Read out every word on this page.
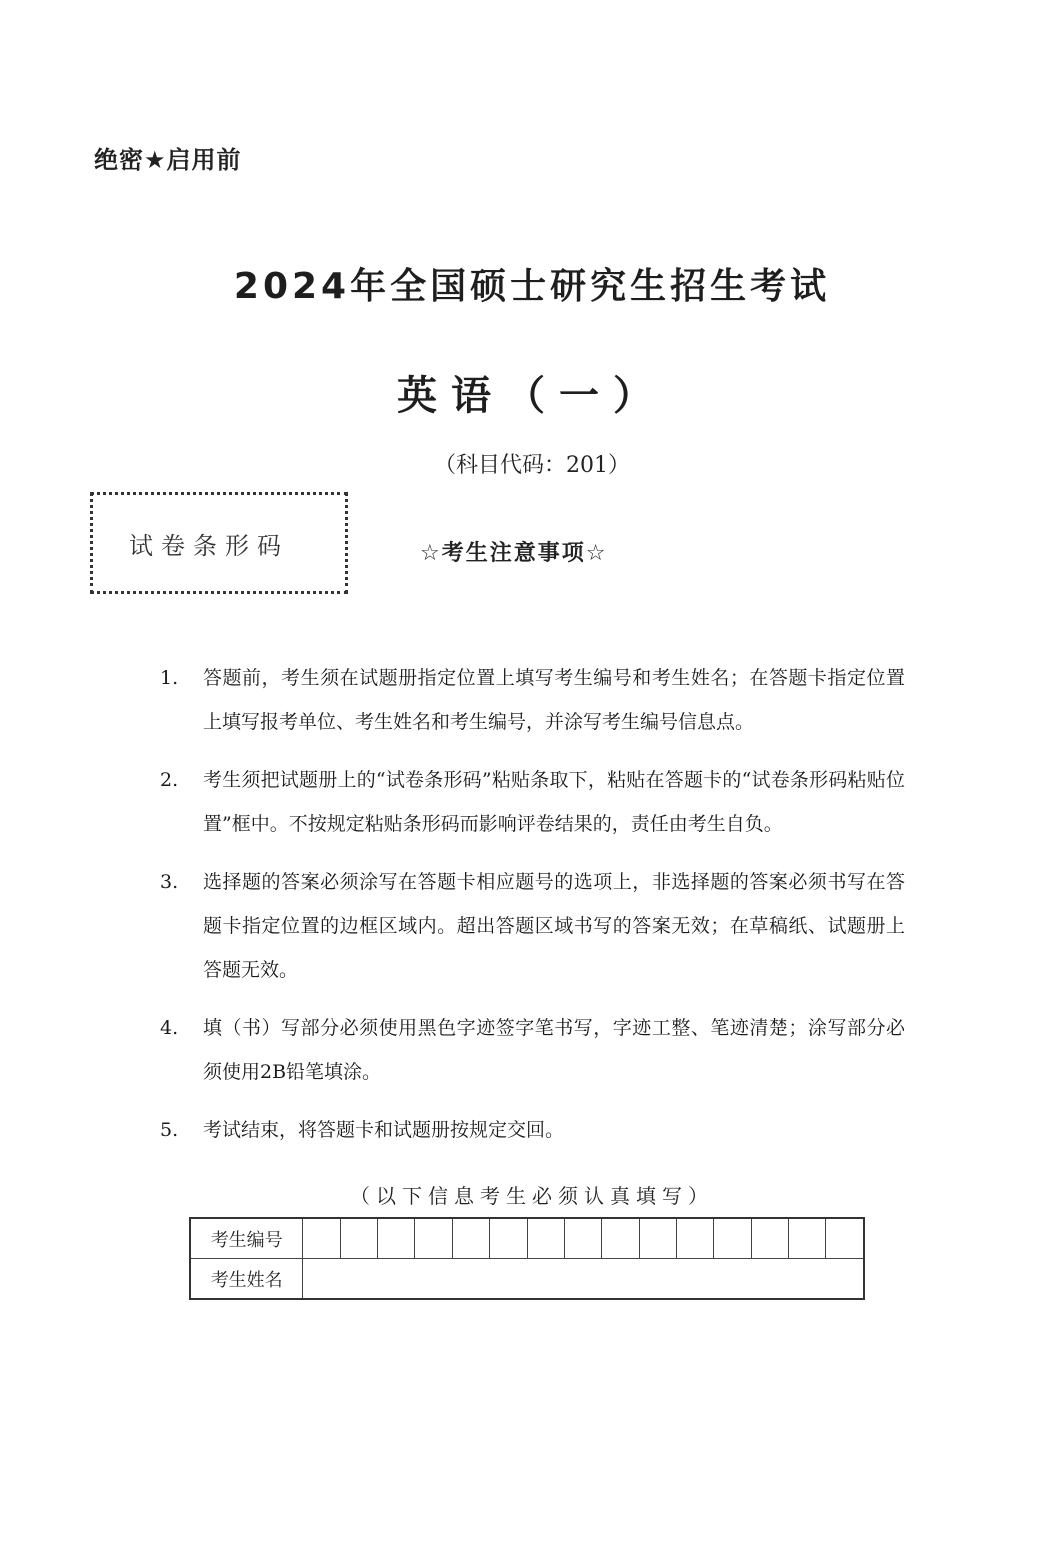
绝密★启用前
2024年全国硕士研究生招生考试
英语（一）
（科目代码：201）
试卷条形码	☆考生注意事项☆
1.	答题前，考生须在试题册指定位置上填写考生编号和考生姓名；在答题卡指定位置上填写报考单位、考生姓名和考生编号，并涂写考生编号信息点。
2.	考生须把试题册上的“试卷条形码”粘贴条取下，粘贴在答题卡的“试卷条形码粘贴位置”框中。不按规定粘贴条形码而影响评卷结果的，责任由考生自负。
3.	选择题的答案必须涂写在答题卡相应题号的选项上，非选择题的答案必须书写在答题卡指定位置的边框区域内。超出答题区域书写的答案无效；在草稿纸、试题册上答题无效。
4.	填（书）写部分必须使用黑色字迹签字笔书写，字迹工整、笔迹清楚；涂写部分必须使用2B铅笔填涂。
5.	考试结束，将答题卡和试题册按规定交回。
（以下信息考生必须认真填写）
考生编号															
考生姓名															
